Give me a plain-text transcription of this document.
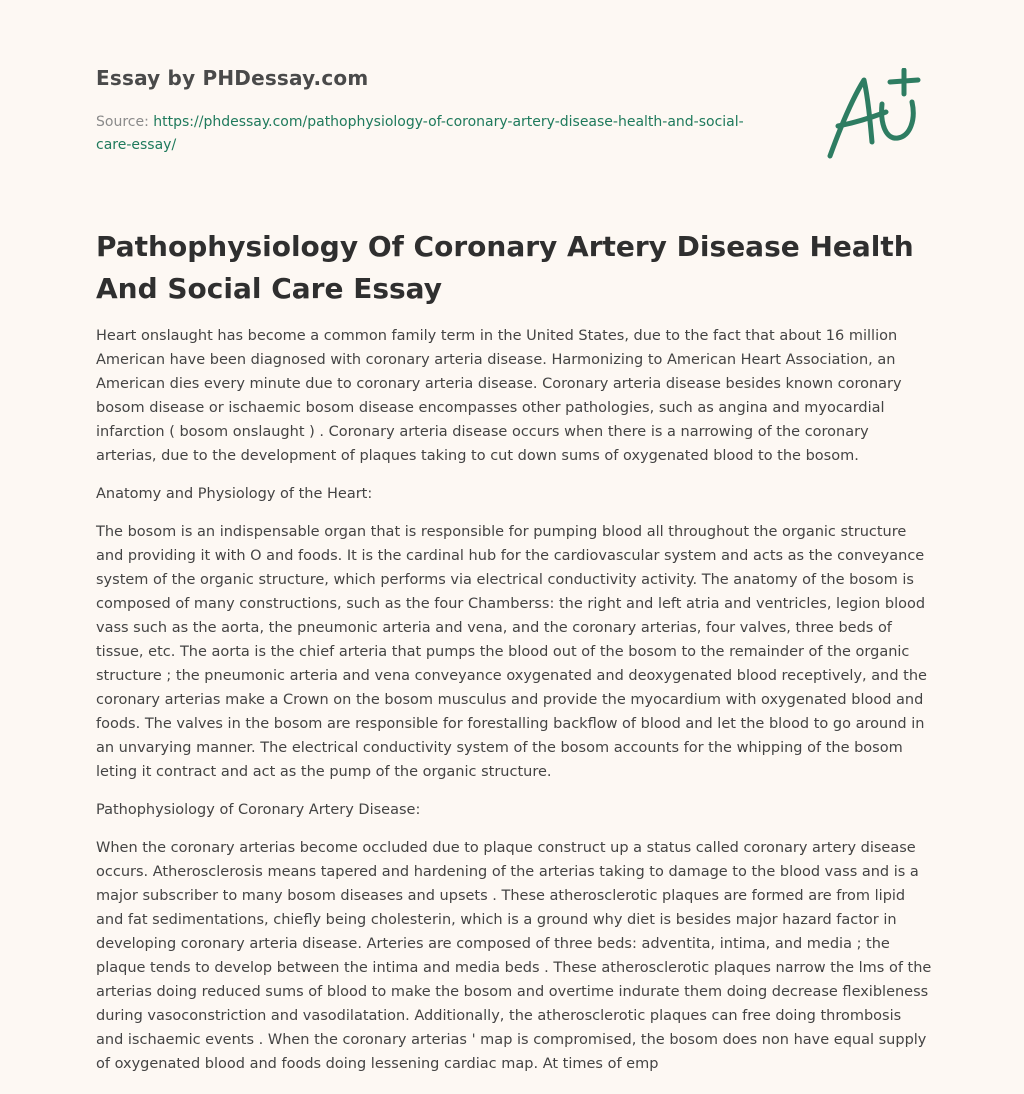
Essay by PHDessay.com
Source: https://phdessay.com/pathophysiology-of-coronary-artery-disease-health-and-social-care-essay/
Pathophysiology Of Coronary Artery Disease Health And Social Care Essay

Heart onslaught has become a common family term in the United States, due to the fact that about 16 million American have been diagnosed with coronary arteria disease. Harmonizing to American Heart Association, an American dies every minute due to coronary arteria disease. Coronary arteria disease besides known coronary bosom disease or ischaemic bosom disease encompasses other pathologies, such as angina and myocardial infarction ( bosom onslaught ) . Coronary arteria disease occurs when there is a narrowing of the coronary arterias, due to the development of plaques taking to cut down sums of oxygenated blood to the bosom.

Anatomy and Physiology of the Heart:

The bosom is an indispensable organ that is responsible for pumping blood all throughout the organic structure and providing it with O and foods. It is the cardinal hub for the cardiovascular system and acts as the conveyance system of the organic structure, which performs via electrical conductivity activity. The anatomy of the bosom is composed of many constructions, such as the four Chamberss: the right and left atria and ventricles, legion blood vass such as the aorta, the pneumonic arteria and vena, and the coronary arterias, four valves, three beds of tissue, etc. The aorta is the chief arteria that pumps the blood out of the bosom to the remainder of the organic structure ; the pneumonic arteria and vena conveyance oxygenated and deoxygenated blood receptively, and the coronary arterias make a Crown on the bosom musculus and provide the myocardium with oxygenated blood and foods. The valves in the bosom are responsible for forestalling backflow of blood and let the blood to go around in an unvarying manner. The electrical conductivity system of the bosom accounts for the whipping of the bosom leting it contract and act as the pump of the organic structure.

Pathophysiology of Coronary Artery Disease:

When the coronary arterias become occluded due to plaque construct up a status called coronary artery disease occurs. Atherosclerosis means tapered and hardening of the arterias taking to damage to the blood vass and is a major subscriber to many bosom diseases and upsets . These atherosclerotic plaques are formed are from lipid and fat sedimentations, chiefly being cholesterin, which is a ground why diet is besides major hazard factor in developing coronary arteria disease. Arteries are composed of three beds: adventita, intima, and media ; the plaque tends to develop between the intima and media beds . These atherosclerotic plaques narrow the lms of the arterias doing reduced sums of blood to make the bosom and overtime indurate them doing decrease flexibleness during vasoconstriction and vasodilatation. Additionally, the atherosclerotic plaques can free doing thrombosis and ischaemic events . When the coronary arterias ' map is compromised, the bosom does non have equal supply of oxygenated blood and foods doing lessening cardiac map. At times of emp
